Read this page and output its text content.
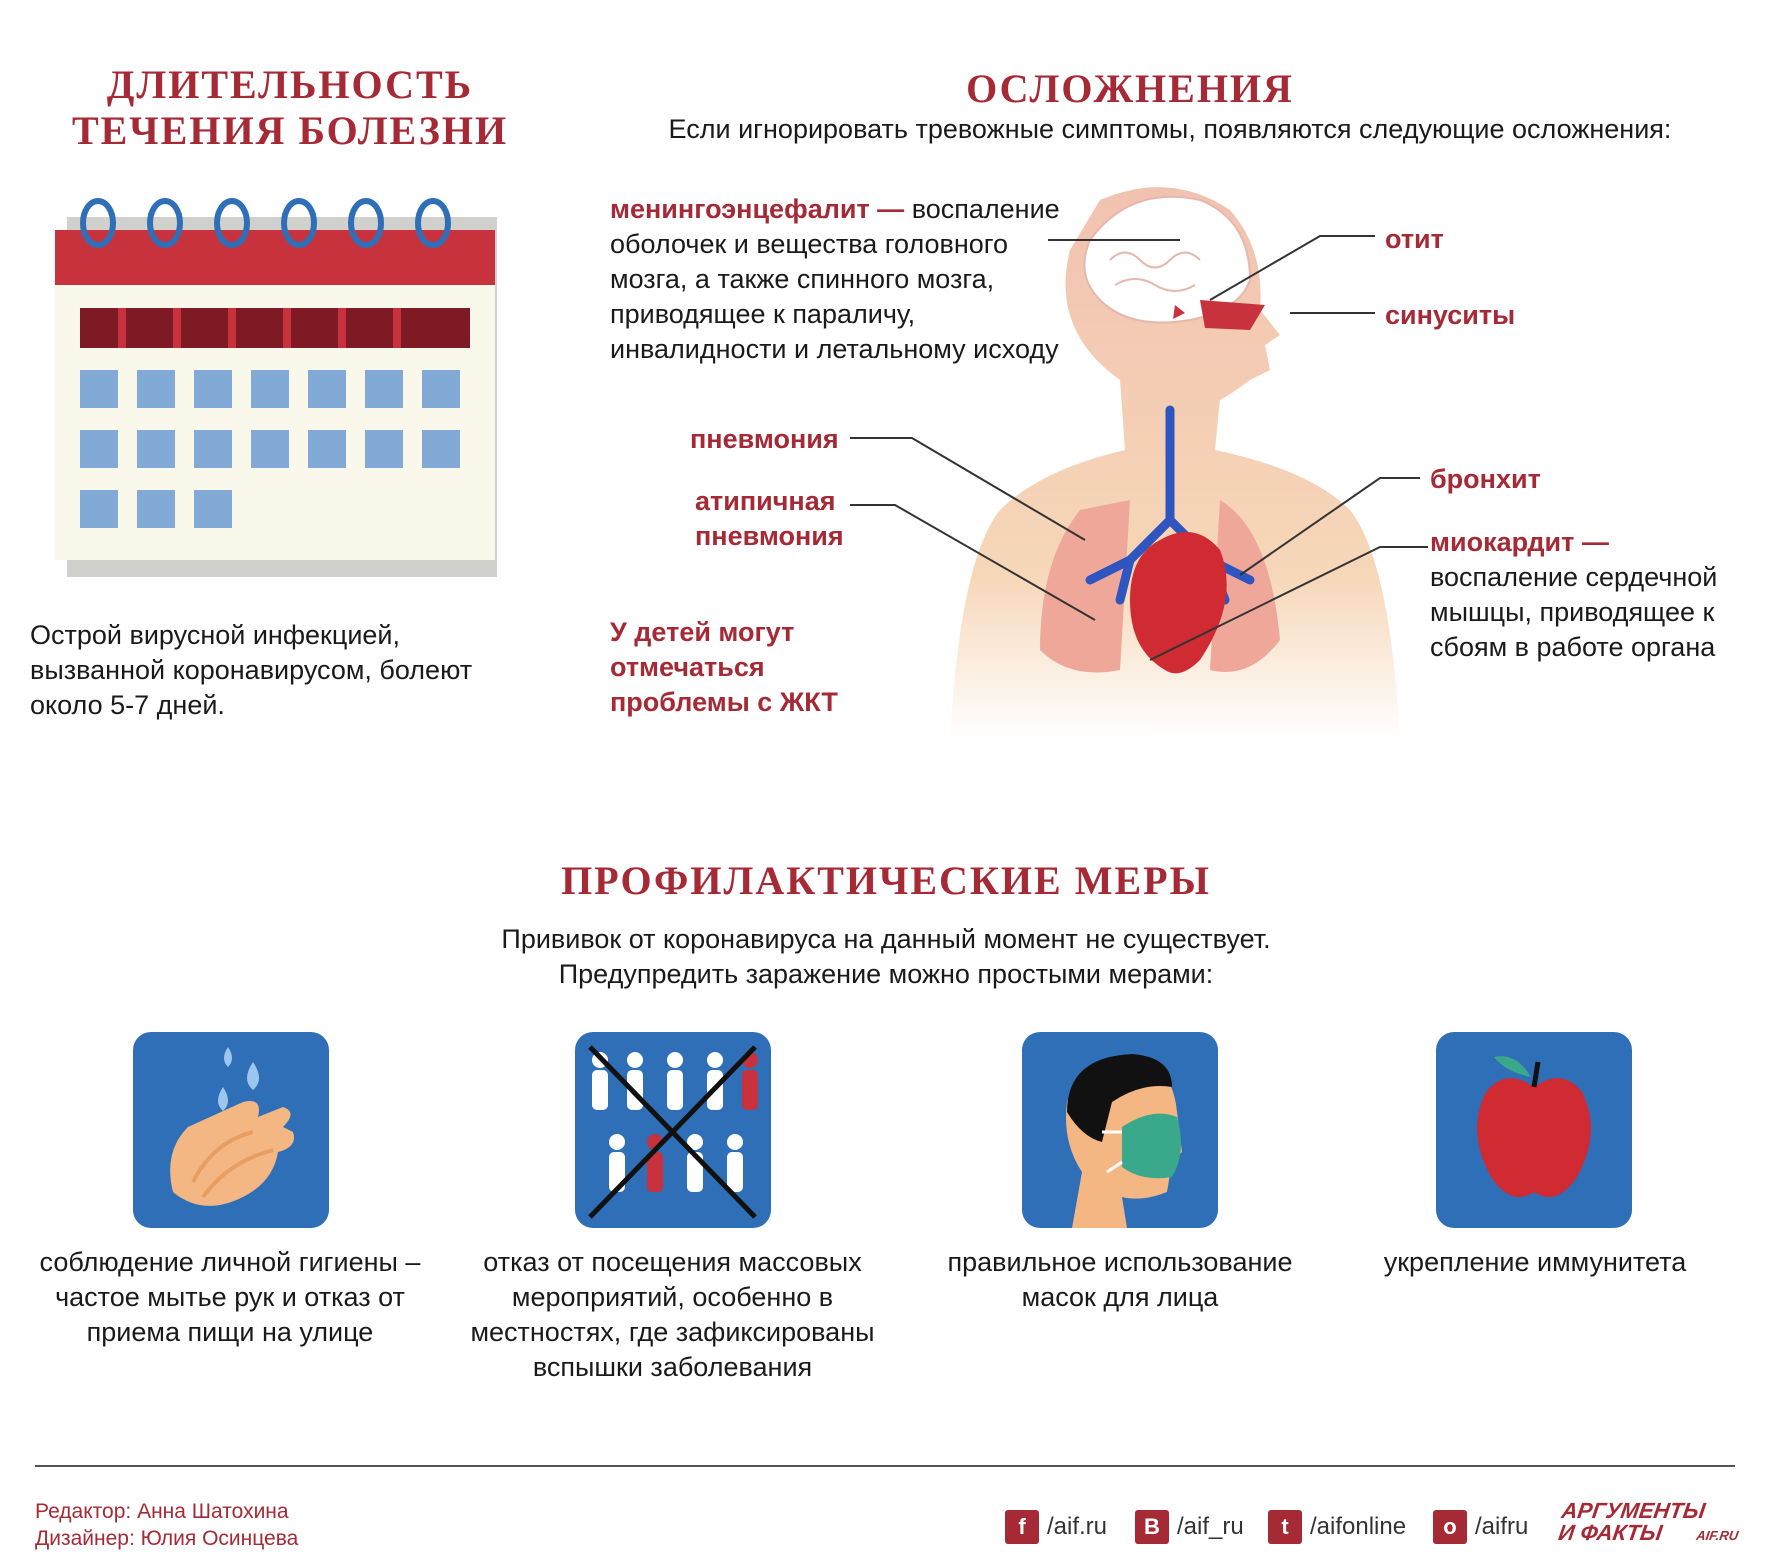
ДЛИТЕЛЬНОСТЬ
ТЕЧЕНИЯ БОЛЕЗНИ
Острой вирусной инфекцией, вызванной коронавирусом, болеют около 5-7 дней.
ОСЛОЖНЕНИЯ
Если игнорировать тревожные симптомы, появляются следующие осложнения:
менингоэнцефалит — воспаление оболочек и вещества головного мозга, а также спинного мозга, приводящее к параличу, инвалидности и летальному исходу
отит
синуситы
пневмония
атипичная
пневмония
бронхит
миокардит — воспаление сердечной мышцы, приводящее к сбоям в работе органа
У детей могут отмечаться проблемы с ЖКТ
ПРОФИЛАКТИЧЕСКИЕ МЕРЫ
Прививок от коронавируса на данный момент не существует.
Предупредить заражение можно простыми мерами:
соблюдение личной гигиены – частое мытье рук и отказ от приема пищи на улице
отказ от посещения массовых мероприятий, особенно в местностях, где зафиксированы вспышки заболевания
правильное использование масок для лица
укрепление иммунитета
Редактор: Анна Шатохина
Дизайнер: Юлия Осинцева	f /aif.ru	В /aif_ru	t /aifonline	о /aifru
АРГУМЕНТЫ
И ФАКТЫ AIF.RU
